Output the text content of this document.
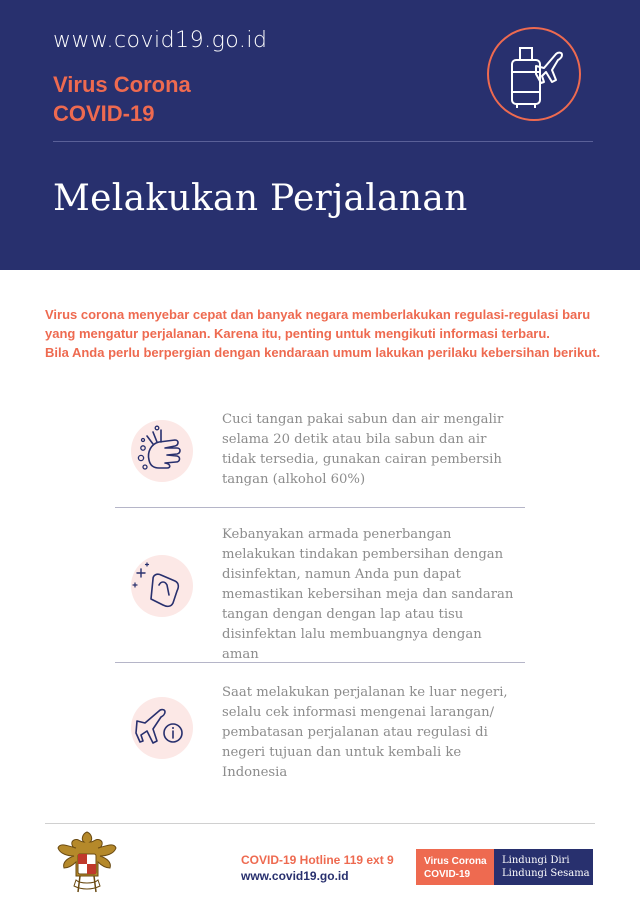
www.covid19.go.id
Virus Corona
COVID-19
Melakukan Perjalanan

Virus corona menyebar cepat dan banyak negara memberlakukan regulasi-regulasi baru

yang mengatur perjalanan. Karena itu, penting untuk mengikuti informasi terbaru.

Bila Anda perlu berpergian dengan kendaraan umum lakukan perilaku kebersihan berikut.

Cuci tangan pakai sabun dan air mengalir selama 20 detik atau bila sabun dan air tidak tersedia, gunakan cairan pembersih tangan (alkohol 60%)
Kebanyakan armada penerbangan melakukan tindakan pembersihan dengan disinfektan, namun Anda pun dapat memastikan kebersihan meja dan sandaran tangan dengan dengan lap atau tisu disinfektan lalu membuangnya dengan aman
Saat melakukan perjalanan ke luar negeri, selalu cek informasi mengenai larangan/ pembatasan perjalanan atau regulasi di negeri tujuan dan untuk kembali ke Indonesia
COVID-19 Hotline 119 ext 9
www.covid19.go.id
Virus Corona
COVID-19
Lindungi Diri
Lindungi Sesama
